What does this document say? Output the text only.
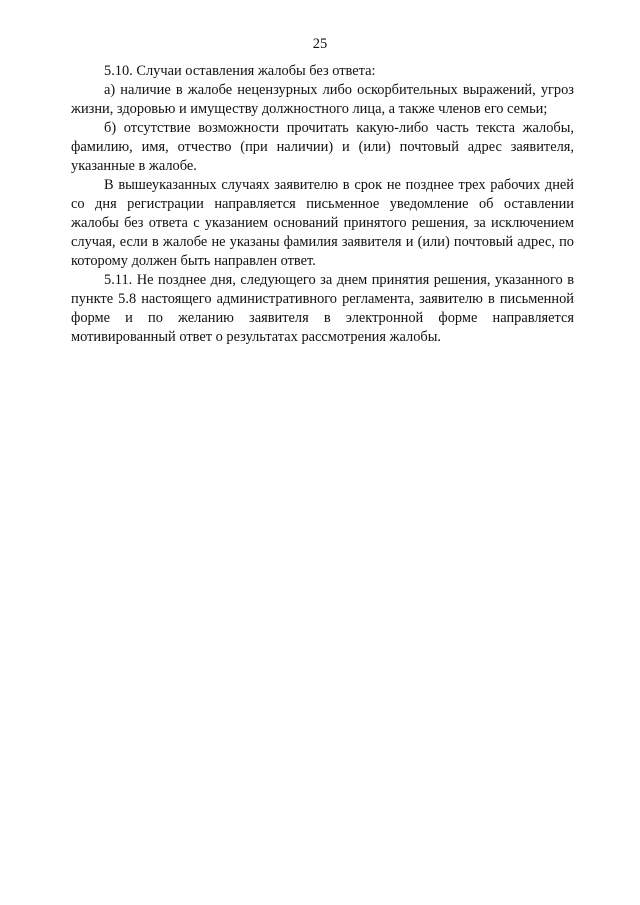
25

5.10. Случаи оставления жалобы без ответа:

а) наличие в жалобе нецензурных либо оскорбительных выражений, угроз жизни, здоровью и имуществу должностного лица, а также членов его семьи;

б) отсутствие возможности прочитать какую-либо часть текста жалобы, фамилию, имя, отчество (при наличии) и (или) почтовый адрес заявителя, указанные в жалобе.

В вышеуказанных случаях заявителю в срок не позднее трех рабочих дней со дня регистрации направляется письменное уведомление об оставлении жалобы без ответа с указанием оснований принятого решения, за исключением случая, если в жалобе не указаны фамилия заявителя и (или) почтовый адрес, по которому должен быть направлен ответ.

5.11. Не позднее дня, следующего за днем принятия решения, указанного в пункте 5.8 настоящего административного регламента, заявителю в письменной форме и по желанию заявителя в электронной форме направляется мотивированный ответ о результатах рассмотрения жалобы.
